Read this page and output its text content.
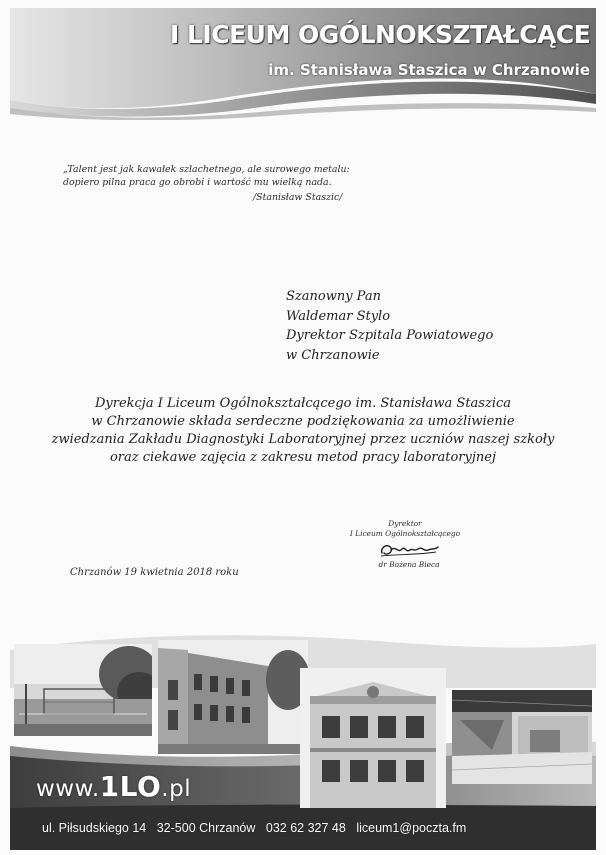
I LICEUM OGÓLNOKSZTAŁCĄCE
im. Stanisława Staszica w Chrzanowie
„Talent jest jak kawałek szlachetnego, ale surowego metalu:
dopiero pilna praca go obrobi i wartość mu wielką nada.
/Stanisław Staszic/
Szanowny Pan
Waldemar Stylo
Dyrektor Szpitala Powiatowego
w Chrzanowie
Dyrekcja I Liceum Ogólnokształcącego im. Stanisława Staszica
w Chrzanowie składa serdeczne podziękowania za umożliwienie
zwiedzania Zakładu Diagnostyki Laboratoryjnej przez uczniów naszej szkoły
oraz ciekawe zajęcia z zakresu metod pracy laboratoryjnej
Dyrektor
I Liceum Ogólnokształcącego
dr Bożena Bieca
Chrzanów 19 kwietnia 2018 roku
www.1LO.pl
ul. Piłsudskiego 14 32-500 Chrzanów 032 62 327 48 liceum1@poczta.fm
